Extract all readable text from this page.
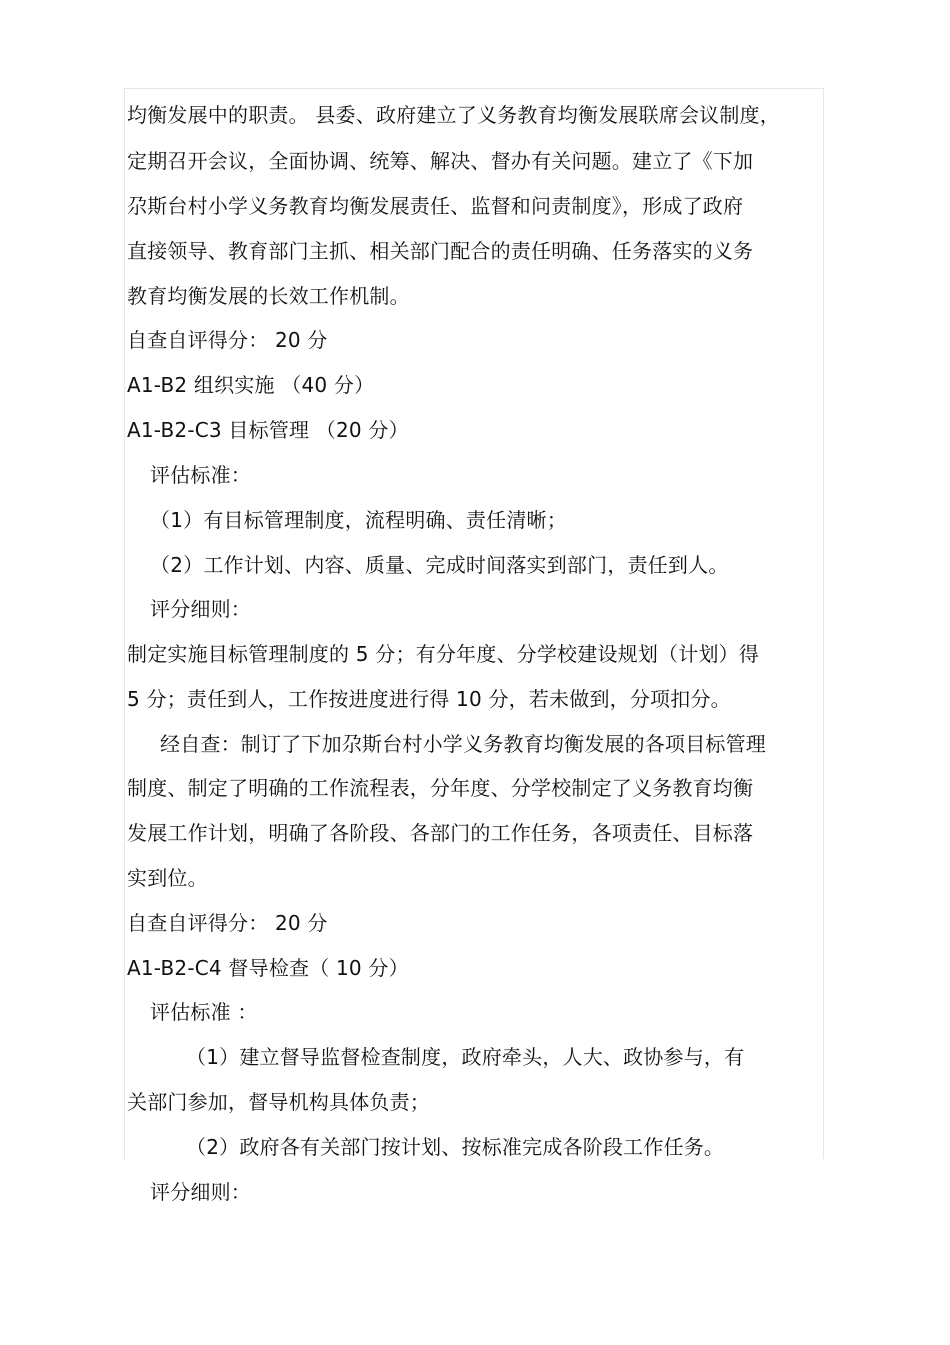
均衡发展中的职责。 县委、政府建立了义务教育均衡发展联席会议制度，
定期召开会议，全面协调、统筹、解决、督办有关问题。建立了《下加
尕斯台村小学义务教育均衡发展责任、监督和问责制度》，形成了政府
直接领导、教育部门主抓、相关部门配合的责任明确、任务落实的义务
教育均衡发展的长效工作机制。
自查自评得分： 20 分
A1-B2 组织实施 （40 分）
A1-B2-C3 目标管理 （20 分）
评估标准：
（1）有目标管理制度，流程明确、责任清晰；
（2）工作计划、内容、质量、完成时间落实到部门，责任到人。
评分细则：
制定实施目标管理制度的 5 分；有分年度、分学校建设规划（计划）得
5 分；责任到人，工作按进度进行得 10 分，若未做到，分项扣分。
经自查：制订了下加尕斯台村小学义务教育均衡发展的各项目标管理
制度、制定了明确的工作流程表，分年度、分学校制定了义务教育均衡
发展工作计划，明确了各阶段、各部门的工作任务，各项责任、目标落
实到位。
自查自评得分： 20 分
A1-B2-C4 督导检查（ 10 分）
评估标准 ：
（1）建立督导监督检查制度，政府牵头，人大、政协参与，有
关部门参加，督导机构具体负责；
（2）政府各有关部门按计划、按标准完成各阶段工作任务。
评分细则：
